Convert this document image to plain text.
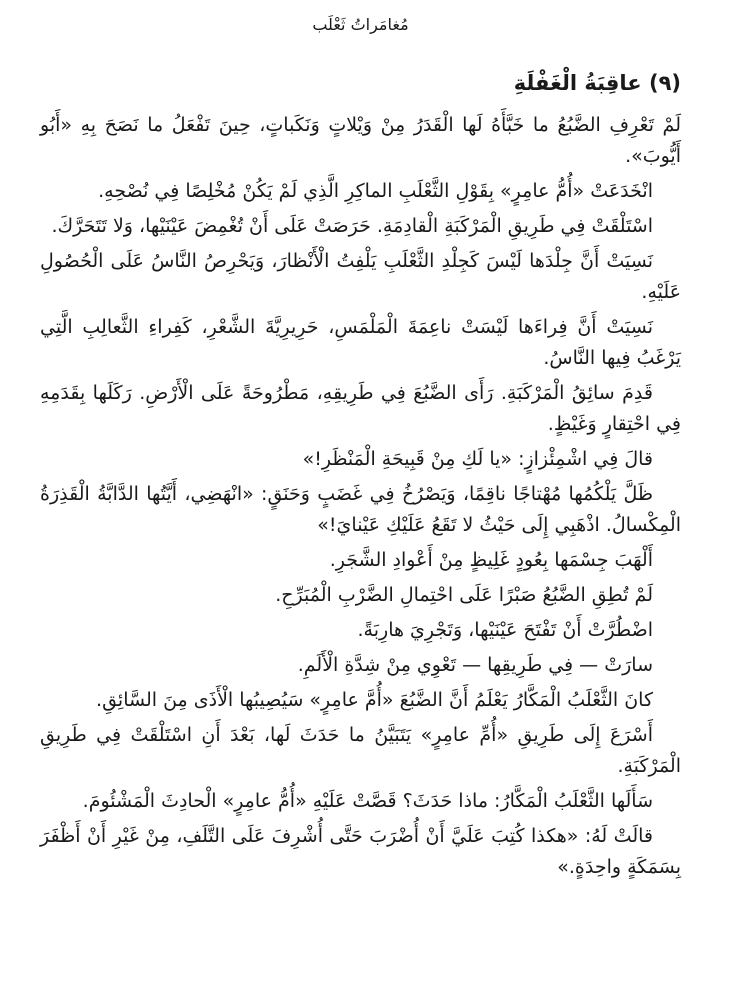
مُغامَراتُ ثَعْلَب
(٩) عاقِبَةُ الْغَفْلَةِ

لَمْ تَعْرِفِ الضَّبُعُ ما خَبَّأَهُ لَها الْقَدَرُ مِنْ وَيْلاتٍ وَنَكَباتٍ، حِينَ تَفْعَلُ ما نَصَحَ بِهِ «أَبُو أَيُّوبَ».

انْخَدَعَتْ «أُمُّ عامِرٍ» بِقَوْلِ الثَّعْلَبِ الماكِرِ الَّذِي لَمْ يَكُنْ مُخْلِصًا فِي نُصْحِهِ.

اسْتَلْقَتْ فِي طَرِيقِ الْمَرْكَبَةِ الْقادِمَةِ. حَرَصَتْ عَلَى أَنْ تُغْمِضَ عَيْنَيْها، وَلا تَتَحَرَّكَ.

نَسِيَتْ أَنَّ جِلْدَها لَيْسَ كَجِلْدِ الثَّعْلَبِ يَلْفِتُ الْأَنْظارَ، وَيَحْرِصُ النَّاسُ عَلَى الْحُصُولِ عَلَيْهِ.

نَسِيَتْ أَنَّ فِراءَها لَيْسَتْ ناعِمَةَ الْمَلْمَسِ، حَرِيرِيَّةَ الشَّعْرِ، كَفِراءِ الثَّعالِبِ الَّتِي يَرْغَبُ فِيها النَّاسُ.

قَدِمَ سائِقُ الْمَرْكَبَةِ. رَأَى الضَّبُعَ فِي طَرِيقِهِ، مَطْرُوحَةً عَلَى الْأَرْضِ. رَكَلَها بِقَدَمِهِ فِي احْتِقارٍ وَغَيْظٍ.

قالَ فِي اشْمِئْزازٍ: «يا لَكِ مِنْ قَبِيحَةِ الْمَنْظَرِ!»

ظَلَّ يَلْكُمُها مُهْتاجًا ناقِمًا، وَيَصْرُخُ فِي غَضَبٍ وَحَنَقٍ: «انْهَضِي، أَيَّتُها الدَّابَّةُ الْقَذِرَةُ الْمِكْسالُ. اذْهَبِي إِلَى حَيْثُ لا تَقَعُ عَلَيْكِ عَيْنايَ!»

أَلْهَبَ جِسْمَها بِعُودٍ غَلِيظٍ مِنْ أَعْوادِ الشَّجَرِ.

لَمْ تُطِقِ الضَّبُعُ صَبْرًا عَلَى احْتِمالِ الضَّرْبِ الْمُبَرِّحِ.

اضْطُرَّتْ أَنْ تَفْتَحَ عَيْنَيْها، وَتَجْرِيَ هارِبَةً.

سارَتْ — فِي طَرِيقِها — تَعْوِي مِنْ شِدَّةِ الْأَلَمِ.

كانَ الثَّعْلَبُ الْمَكَّارُ يَعْلَمُ أَنَّ الضَّبُعَ «أُمَّ عامِرٍ» سَيُصِيبُها الْأَذَى مِنَ السَّائِقِ.

أَسْرَعَ إِلَى طَرِيقِ «أُمِّ عامِرٍ» يَتَبَيَّنُ ما حَدَثَ لَها، بَعْدَ أَنِ اسْتَلْقَتْ فِي طَرِيقِ الْمَرْكَبَةِ.

سَأَلَها الثَّعْلَبُ الْمَكَّارُ: ماذا حَدَثَ؟ قَصَّتْ عَلَيْهِ «أُمُّ عامِرٍ» الْحادِثَ الْمَشْئُومَ.

قالَتْ لَهُ: «هكذا كُتِبَ عَلَيَّ أَنْ أُضْرَبَ حَتَّى أُشْرِفَ عَلَى التَّلَفِ، مِنْ غَيْرِ أَنْ أَظْفَرَ بِسَمَكَةٍ واحِدَةٍ.»
